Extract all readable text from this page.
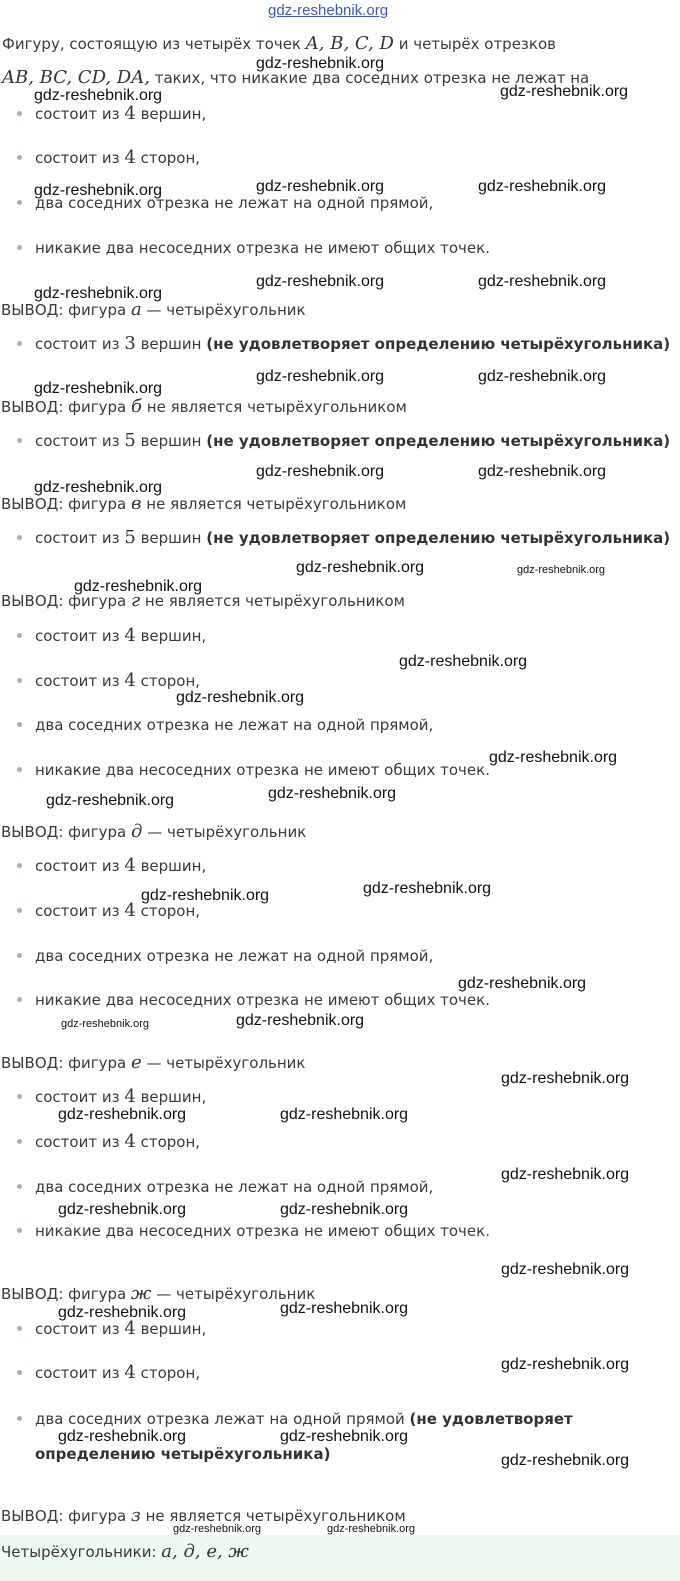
gdz-reshebnik.org
Фигуру, состоящую из четырёх точек A, B, C, D и четырёх отрезков
AB, BC, CD, DA, таких, что никакие два соседних отрезка не лежат на
состоит из 4 вершин,
состоит из 4 сторон,
два соседних отрезка не лежат на одной прямой,
никакие два несоседних отрезка не имеют общих точек.
ВЫВОД: фигура а — четырёхугольник
состоит из 3 вершин (не удовлетворяет определению четырёхугольника)
ВЫВОД: фигура б не является четырёхугольником
состоит из 5 вершин (не удовлетворяет определению четырёхугольника)
ВЫВОД: фигура в не является четырёхугольником
состоит из 5 вершин (не удовлетворяет определению четырёхугольника)
ВЫВОД: фигура г не является четырёхугольником
состоит из 4 вершин,
состоит из 4 сторон,
два соседних отрезка не лежат на одной прямой,
никакие два несоседних отрезка не имеют общих точек.
ВЫВОД: фигура д — четырёхугольник
состоит из 4 вершин,
состоит из 4 сторон,
два соседних отрезка не лежат на одной прямой,
никакие два несоседних отрезка не имеют общих точек.
ВЫВОД: фигура е — четырёхугольник
состоит из 4 вершин,
состоит из 4 сторон,
два соседних отрезка не лежат на одной прямой,
никакие два несоседних отрезка не имеют общих точек.
ВЫВОД: фигура ж — четырёхугольник
состоит из 4 вершин,
состоит из 4 сторон,
два соседних отрезка лежат на одной прямой (не удовлетворяет
определению четырёхугольника)
ВЫВОД: фигура з не является четырёхугольником
Четырёхугольники: а, д, е, ж
gdz-reshebnik.org
gdz-reshebnik.org	gdz-reshebnik.org
gdz-reshebnik.org	gdz-reshebnik.org	gdz-reshebnik.org
gdz-reshebnik.org
gdz-reshebnik.org	gdz-reshebnik.org
gdz-reshebnik.org
gdz-reshebnik.org	gdz-reshebnik.org
gdz-reshebnik.org
gdz-reshebnik.org	gdz-reshebnik.org
gdz-reshebnik.org	gdz-reshebnik.org
gdz-reshebnik.org
gdz-reshebnik.org
gdz-reshebnik.org
gdz-reshebnik.org
gdz-reshebnik.org
gdz-reshebnik.org
gdz-reshebnik.org
gdz-reshebnik.org
gdz-reshebnik.org
gdz-reshebnik.org
gdz-reshebnik.org
gdz-reshebnik.org
gdz-reshebnik.org	gdz-reshebnik.org
gdz-reshebnik.org
gdz-reshebnik.org	gdz-reshebnik.org
gdz-reshebnik.org
gdz-reshebnik.org	gdz-reshebnik.org
gdz-reshebnik.org
gdz-reshebnik.org	gdz-reshebnik.org
gdz-reshebnik.org
gdz-reshebnik.org	gdz-reshebnik.org
